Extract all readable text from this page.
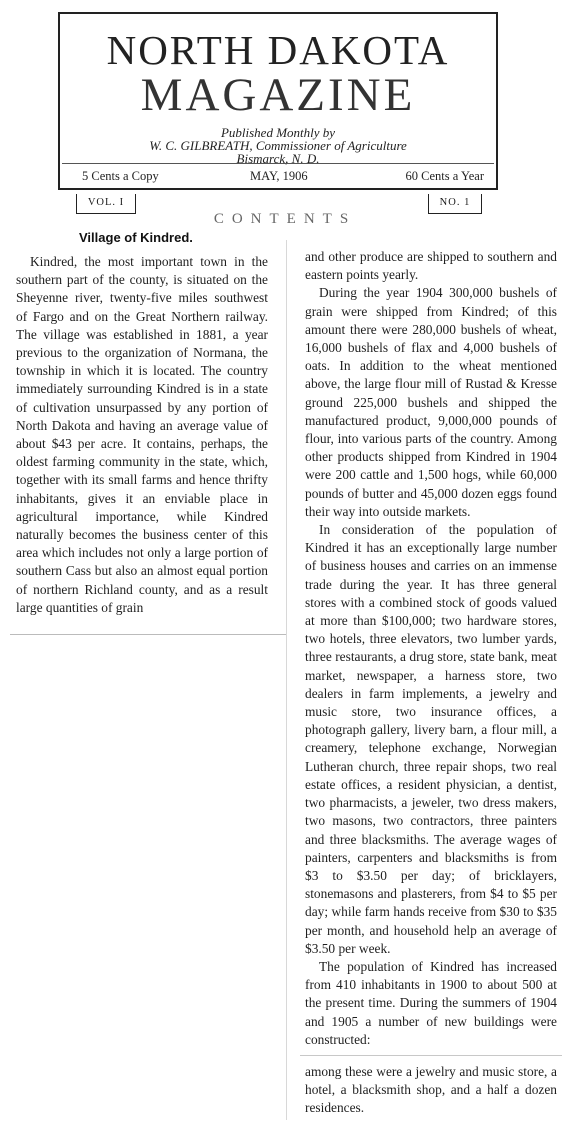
NORTH DAKOTA
MAGAZINE
Published Monthly by
W. C. GILBREATH, Commissioner of Agriculture
Bismarck, N. D.
5 Cents a Copy	MAY, 1906	60 Cents a Year
VOL. I	NO. 1
CONTENTS
Village of Kindred.

Kindred, the most important town in the southern part of the county, is situated on the Sheyenne river, twenty-five miles southwest of Fargo and on the Great Northern railway. The village was established in 1881, a year previous to the organization of Normana, the township in which it is located. The country immediately surrounding Kindred is in a state of cultivation unsurpassed by any portion of North Dakota and having an average value of about $43 per acre. It contains, perhaps, the oldest farming community in the state, which, together with its small farms and hence thrifty inhabitants, gives it an enviable place in agricultural importance, while Kindred naturally becomes the business center of this area which includes not only a large portion of southern Cass but also an almost equal portion of northern Richland county, and as a result large quantities of grain

and other produce are shipped to southern and eastern points yearly.

During the year 1904 300,000 bushels of grain were shipped from Kindred; of this amount there were 280,000 bushels of wheat, 16,000 bushels of flax and 4,000 bushels of oats. In addition to the wheat mentioned above, the large flour mill of Rustad & Kresse ground 225,000 bushels and shipped the manufactured product, 9,000,000 pounds of flour, into various parts of the country. Among other products shipped from Kindred in 1904 were 200 cattle and 1,500 hogs, while 60,000 pounds of butter and 45,000 dozen eggs found their way into outside markets.

In consideration of the population of Kindred it has an exceptionally large number of business houses and carries on an immense trade during the year. It has three general stores with a combined stock of goods valued at more than $100,000; two hardware stores, two hotels, three elevators, two lumber yards, three restaurants, a drug store, state bank, meat market, newspaper, a harness store, two dealers in farm implements, a jewelry and music store, two insurance offices, a photograph gallery, livery barn, a flour mill, a creamery, telephone exchange, Norwegian Lutheran church, three repair shops, two real estate offices, a resident physician, a dentist, two pharmacists, a jeweler, two dress makers, two masons, two contractors, three painters and three blacksmiths. The average wages of painters, carpenters and blacksmiths is from $3 to $3.50 per day; of bricklayers, stonemasons and plasterers, from $4 to $5 per day; while farm hands receive from $30 to $35 per month, and household help an average of $3.50 per week.

The population of Kindred has increased from 410 inhabitants in 1900 to about 500 at the present time. During the summers of 1904 and 1905 a number of new buildings were constructed:

among these were a jewelry and music store, a hotel, a blacksmith shop, and a half a dozen residences.
